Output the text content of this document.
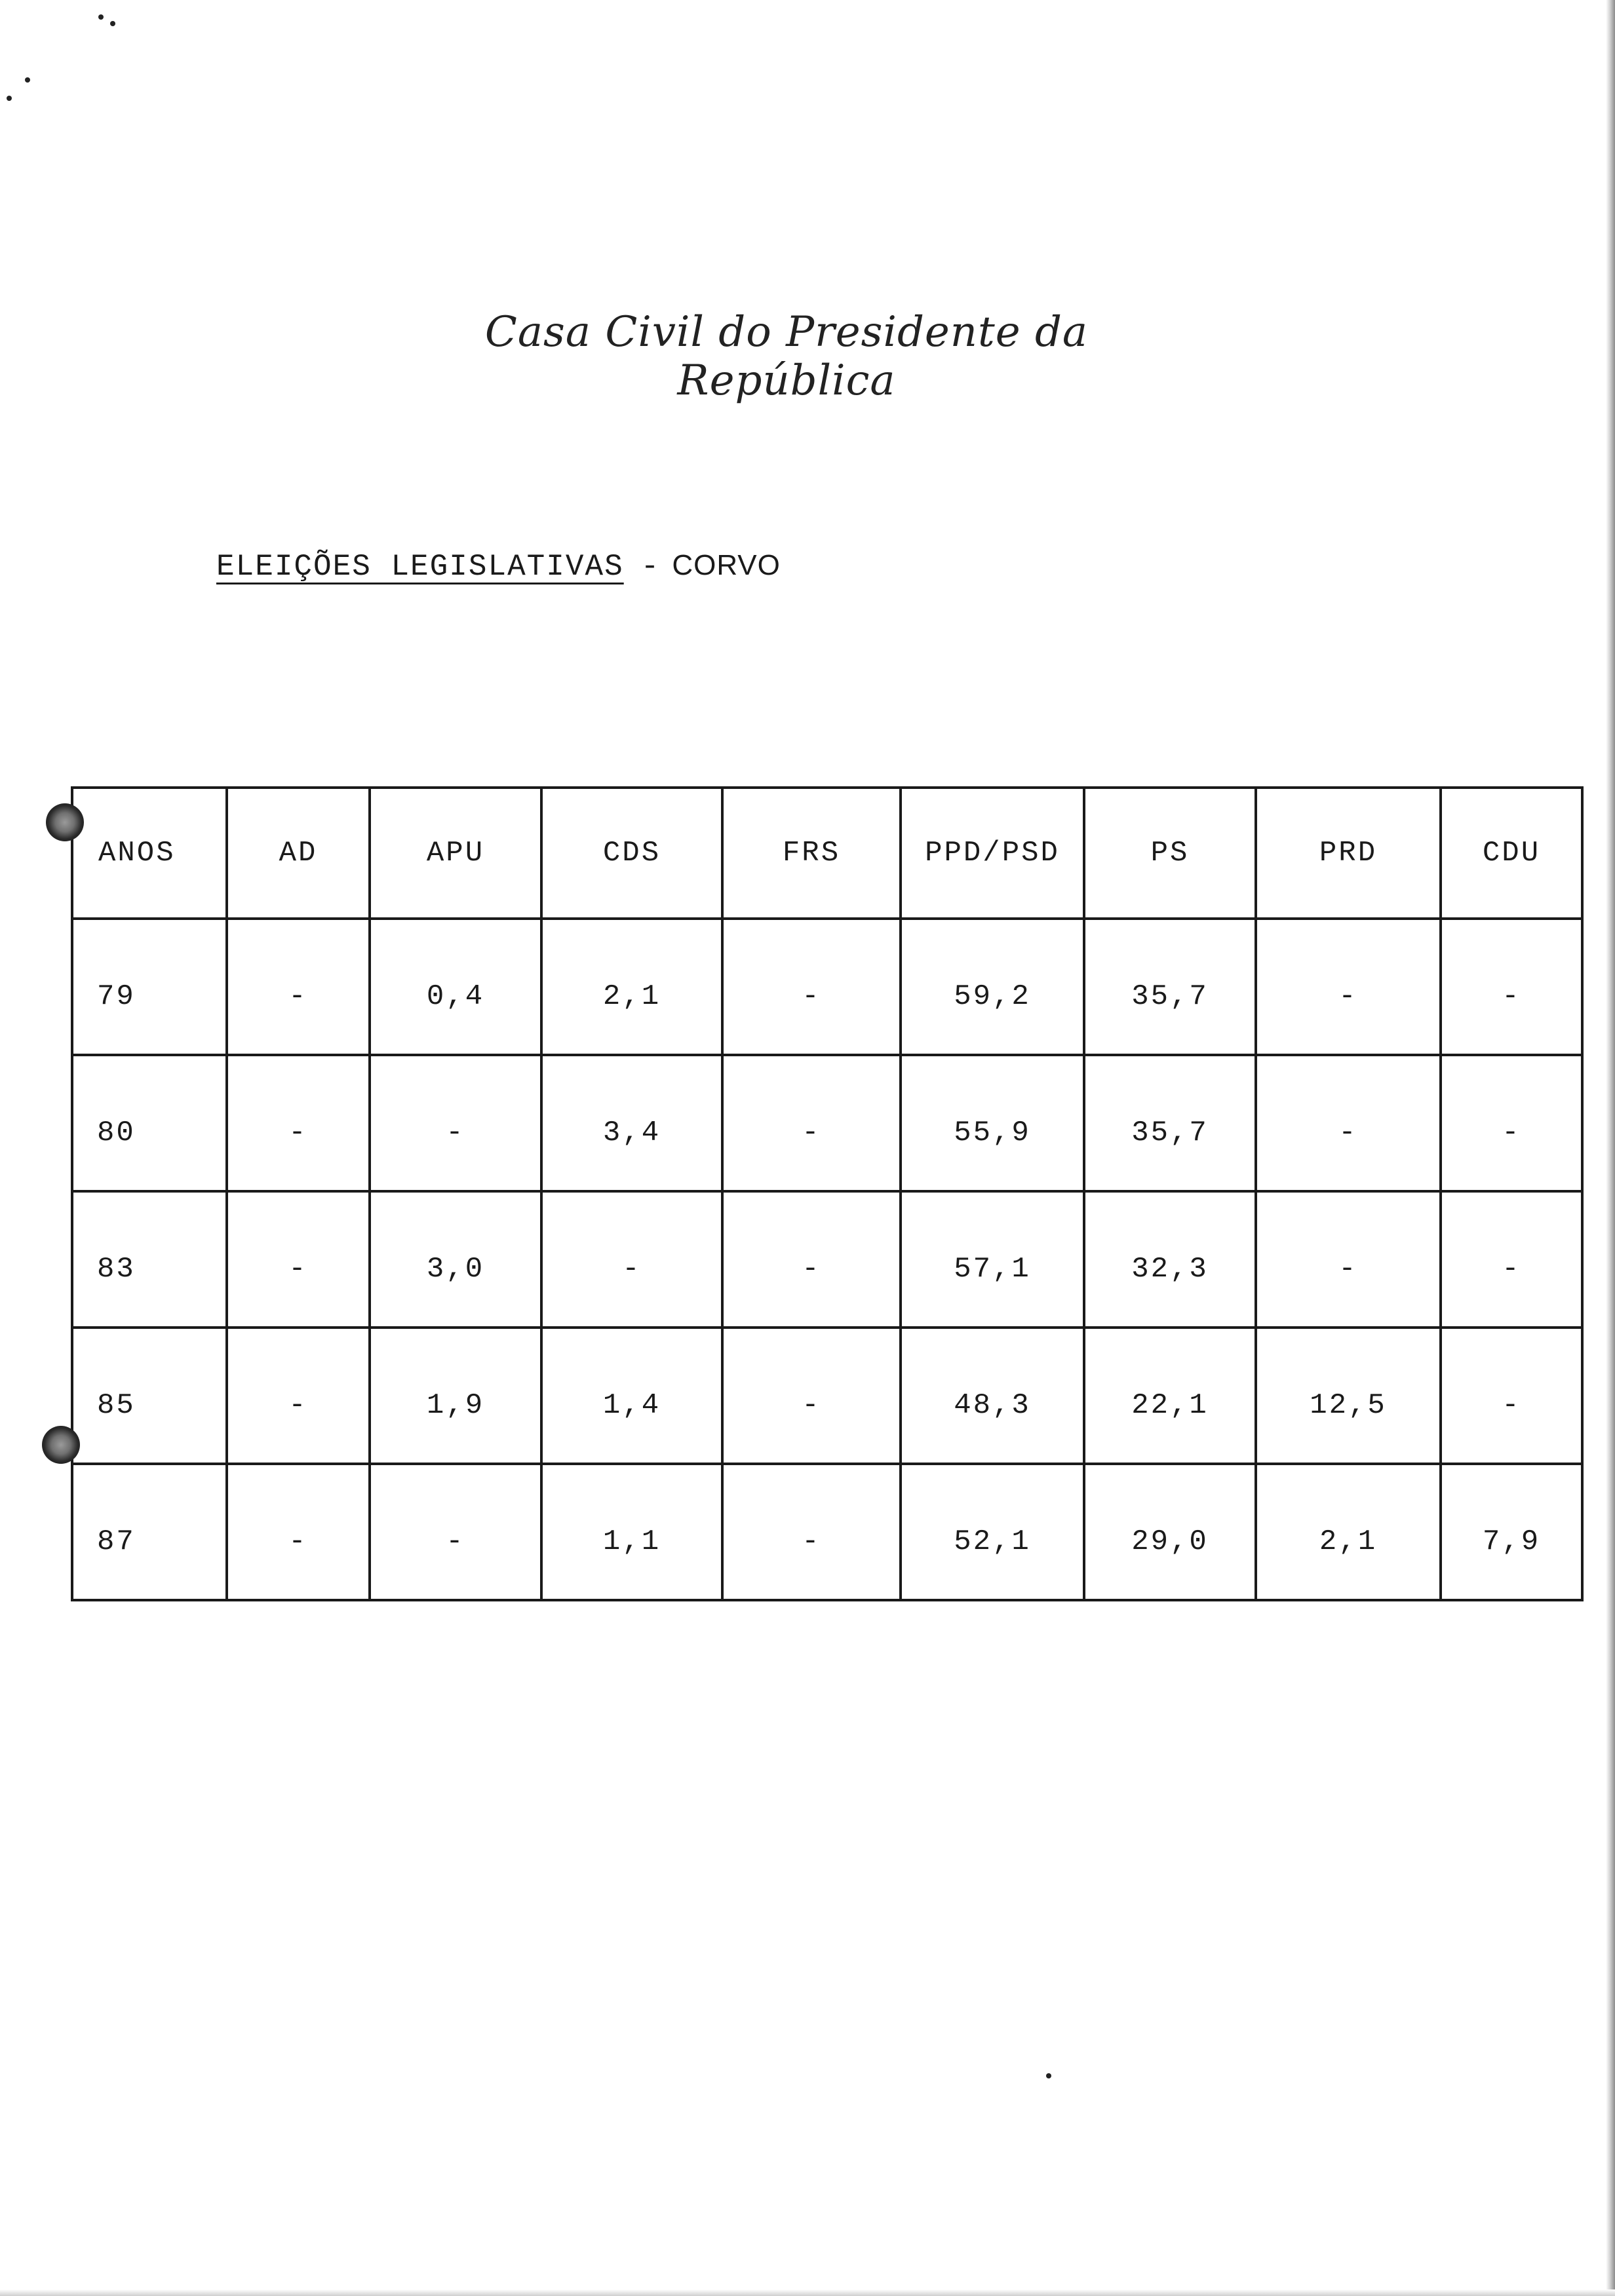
Casa Civil do Presidente da República
ELEIÇÕES LEGISLATIVAS - CORVO
ANOS	AD	APU	CDS	FRS	PPD/PSD	PS	PRD	CDU
79	-	0,4	2,1	-	59,2	35,7	-	-
80	-	-	3,4	-	55,9	35,7	-	-
83	-	3,0	-	-	57,1	32,3	-	-
85	-	1,9	1,4	-	48,3	22,1	12,5	-
87	-	-	1,1	-	52,1	29,0	2,1	7,9
